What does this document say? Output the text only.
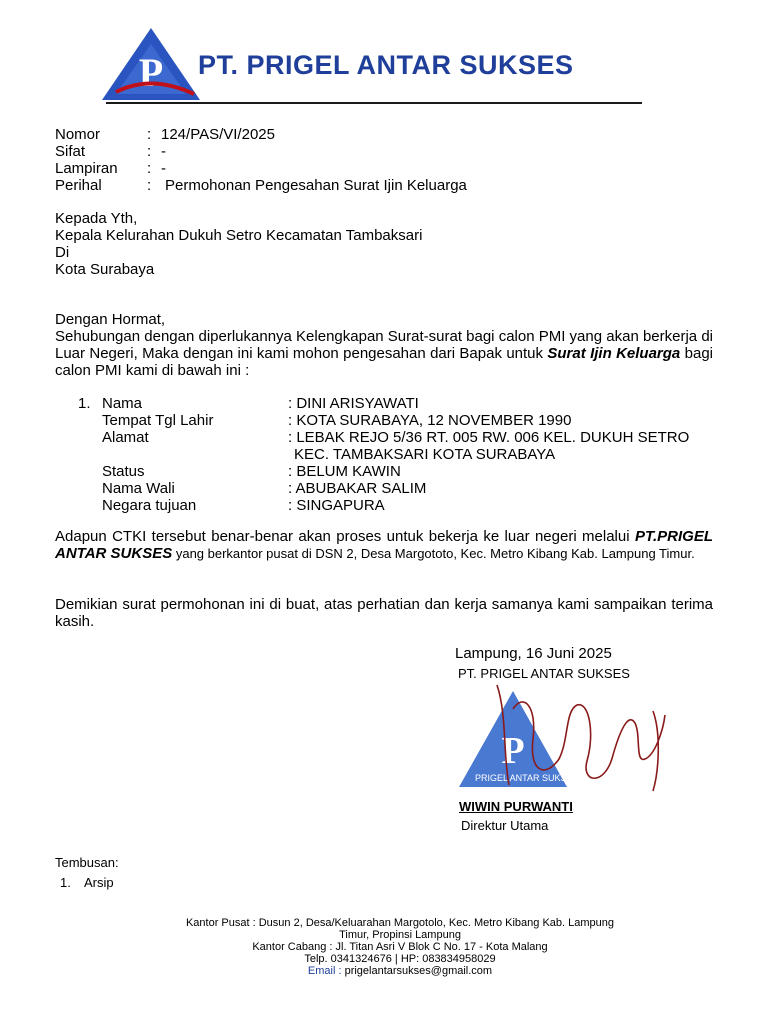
P PT. PRIGEL ANTAR SUKSES
Nomor	: 124/PAS/VI/2025
Sifat	: -
Lampiran	: -
Perihal	: Permohonan Pengesahan Surat Ijin Keluarga
Kepada Yth,
Kepala Kelurahan Dukuh Setro Kecamatan Tambaksari
Di
Kota Surabaya
Dengan Hormat,
Sehubungan dengan diperlukannya Kelengkapan Surat-surat bagi calon PMI yang akan berkerja di Luar Negeri, Maka dengan ini kami mohon pengesahan dari Bapak untuk Surat Ijin Keluarga bagi calon PMI kami di bawah ini :
1. Nama	: DINI ARISYAWATI
Tempat Tgl Lahir	: KOTA SURABAYA, 12 NOVEMBER 1990
Alamat	: LEBAK REJO 5/36 RT. 005 RW. 006 KEL. DUKUH SETRO
KEC. TAMBAKSARI KOTA SURABAYA
Status	: BELUM KAWIN
Nama Wali	: ABUBAKAR SALIM
Negara tujuan	: SINGAPURA
Adapun CTKI tersebut benar-benar akan proses untuk bekerja ke luar negeri melalui PT.PRIGEL ANTAR SUKSES yang berkantor pusat di DSN 2, Desa Margototo, Kec. Metro Kibang Kab. Lampung Timur.
Demikian surat permohonan ini di buat, atas perhatian dan kerja samanya kami sampaikan terima kasih.
Lampung, 16 Juni 2025
PT. PRIGEL ANTAR SUKSES
P
PRIGEL ANTAR SUKSES
WIWIN PURWANTI
Direktur Utama
Tembusan:
1. Arsip
Kantor Pusat : Dusun 2, Desa/Keluarahan Margotolo, Kec. Metro Kibang Kab. Lampung
Timur, Propinsi Lampung
Kantor Cabang : Jl. Titan Asri V Blok C No. 17 - Kota Malang
Telp. 0341324676 | HP: 083834958029
Email : prigelantarsukses@gmail.com
